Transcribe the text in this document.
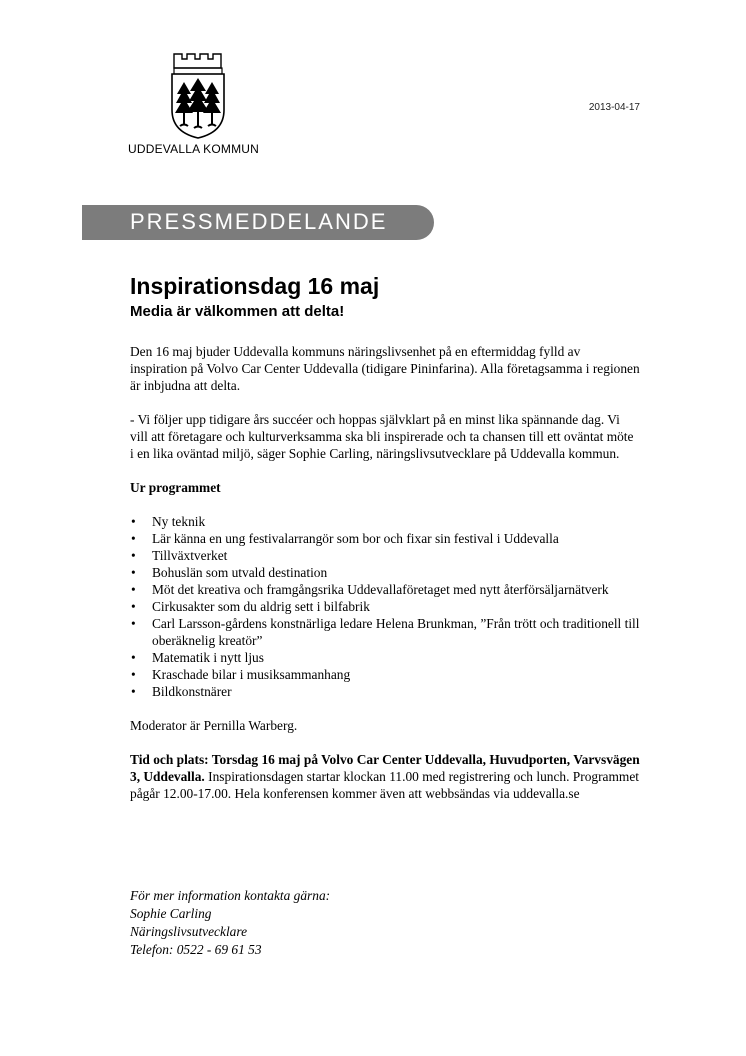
UDDEVALLA KOMMUN
2013-04-17
PRESSMEDDELANDE
Inspirationsdag 16 maj
Media är välkommen att delta!

Den 16 maj bjuder Uddevalla kommuns näringslivsenhet på en eftermiddag fylld av inspiration på Volvo Car Center Uddevalla (tidigare Pininfarina). Alla företagsamma i regionen är inbjudna att delta.

- Vi följer upp tidigare års succéer och hoppas självklart på en minst lika spännande dag. Vi vill att företagare och kulturverksamma ska bli inspirerade och ta chansen till ett oväntat möte i en lika oväntad miljö, säger Sophie Carling, näringslivsutvecklare på Uddevalla kommun.

Ur programmet

• Ny teknik
• Lär känna en ung festivalarrangör som bor och fixar sin festival i Uddevalla
• Tillväxtverket
• Bohuslän som utvald destination
• Möt det kreativa och framgångsrika Uddevallaföretaget med nytt återförsäljarnätverk
• Cirkusakter som du aldrig sett i bilfabrik
• Carl Larsson-gårdens konstnärliga ledare Helena Brunkman, ”Från trött och traditionell till oberäknelig kreatör”
• Matematik i nytt ljus
• Kraschade bilar i musiksammanhang
• Bildkonstnärer

Moderator är Pernilla Warberg.

Tid och plats: Torsdag 16 maj på Volvo Car Center Uddevalla, Huvudporten, Varvsvägen 3, Uddevalla. Inspirationsdagen startar klockan 11.00 med registrering och lunch. Programmet pågår 12.00-17.00. Hela konferensen kommer även att webbsändas via uddevalla.se

För mer information kontakta gärna:
Sophie Carling
Näringslivsutvecklare
Telefon: 0522 - 69 61 53
